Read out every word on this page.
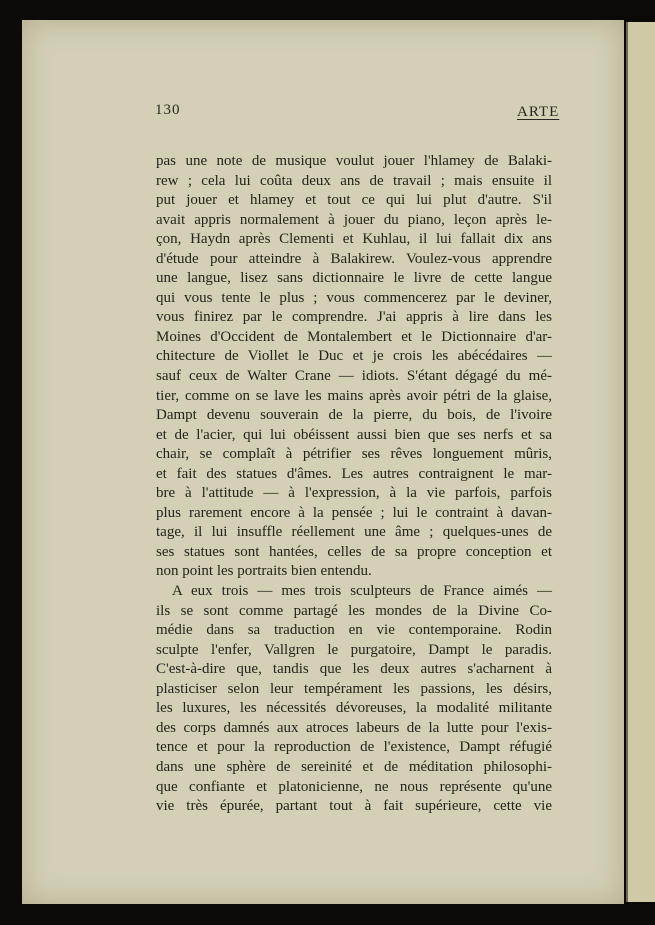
130	ARTE
pas une note de musique voulut jouer l'hlamey de Balaki-
rew ; cela lui coûta deux ans de travail ; mais ensuite il
put jouer et hlamey et tout ce qui lui plut d'autre. S'il
avait appris normalement à jouer du piano, leçon après le-
çon, Haydn après Clementi et Kuhlau, il lui fallait dix ans
d'étude pour atteindre à Balakirew. Voulez-vous apprendre
une langue, lisez sans dictionnaire le livre de cette langue
qui vous tente le plus ; vous commencerez par le deviner,
vous finirez par le comprendre. J'ai appris à lire dans les
Moines d'Occident de Montalembert et le Dictionnaire d'ar-
chitecture de Viollet le Duc et je crois les abécédaires —
sauf ceux de Walter Crane — idiots. S'étant dégagé du mé-
tier, comme on se lave les mains après avoir pétri de la glaise,
Dampt devenu souverain de la pierre, du bois, de l'ivoire
et de l'acier, qui lui obéissent aussi bien que ses nerfs et sa
chair, se complaît à pétrifier ses rêves longuement mûris,
et fait des statues d'âmes. Les autres contraignent le mar-
bre à l'attitude — à l'expression, à la vie parfois, parfois
plus rarement encore à la pensée ; lui le contraint à davan-
tage, il lui insuffle réellement une âme ; quelques-unes de
ses statues sont hantées, celles de sa propre conception et
non point les portraits bien entendu.
A eux trois — mes trois sculpteurs de France aimés —
ils se sont comme partagé les mondes de la Divine Co-
médie dans sa traduction en vie contemporaine. Rodin
sculpte l'enfer, Vallgren le purgatoire, Dampt le paradis.
C'est-à-dire que, tandis que les deux autres s'acharnent à
plasticiser selon leur tempérament les passions, les désirs,
les luxures, les nécessités dévoreuses, la modalité militante
des corps damnés aux atroces labeurs de la lutte pour l'exis-
tence et pour la reproduction de l'existence, Dampt réfugié
dans une sphère de sereinité et de méditation philosophi-
que confiante et platonicienne, ne nous représente qu'une
vie très épurée, partant tout à fait supérieure, cette vie
